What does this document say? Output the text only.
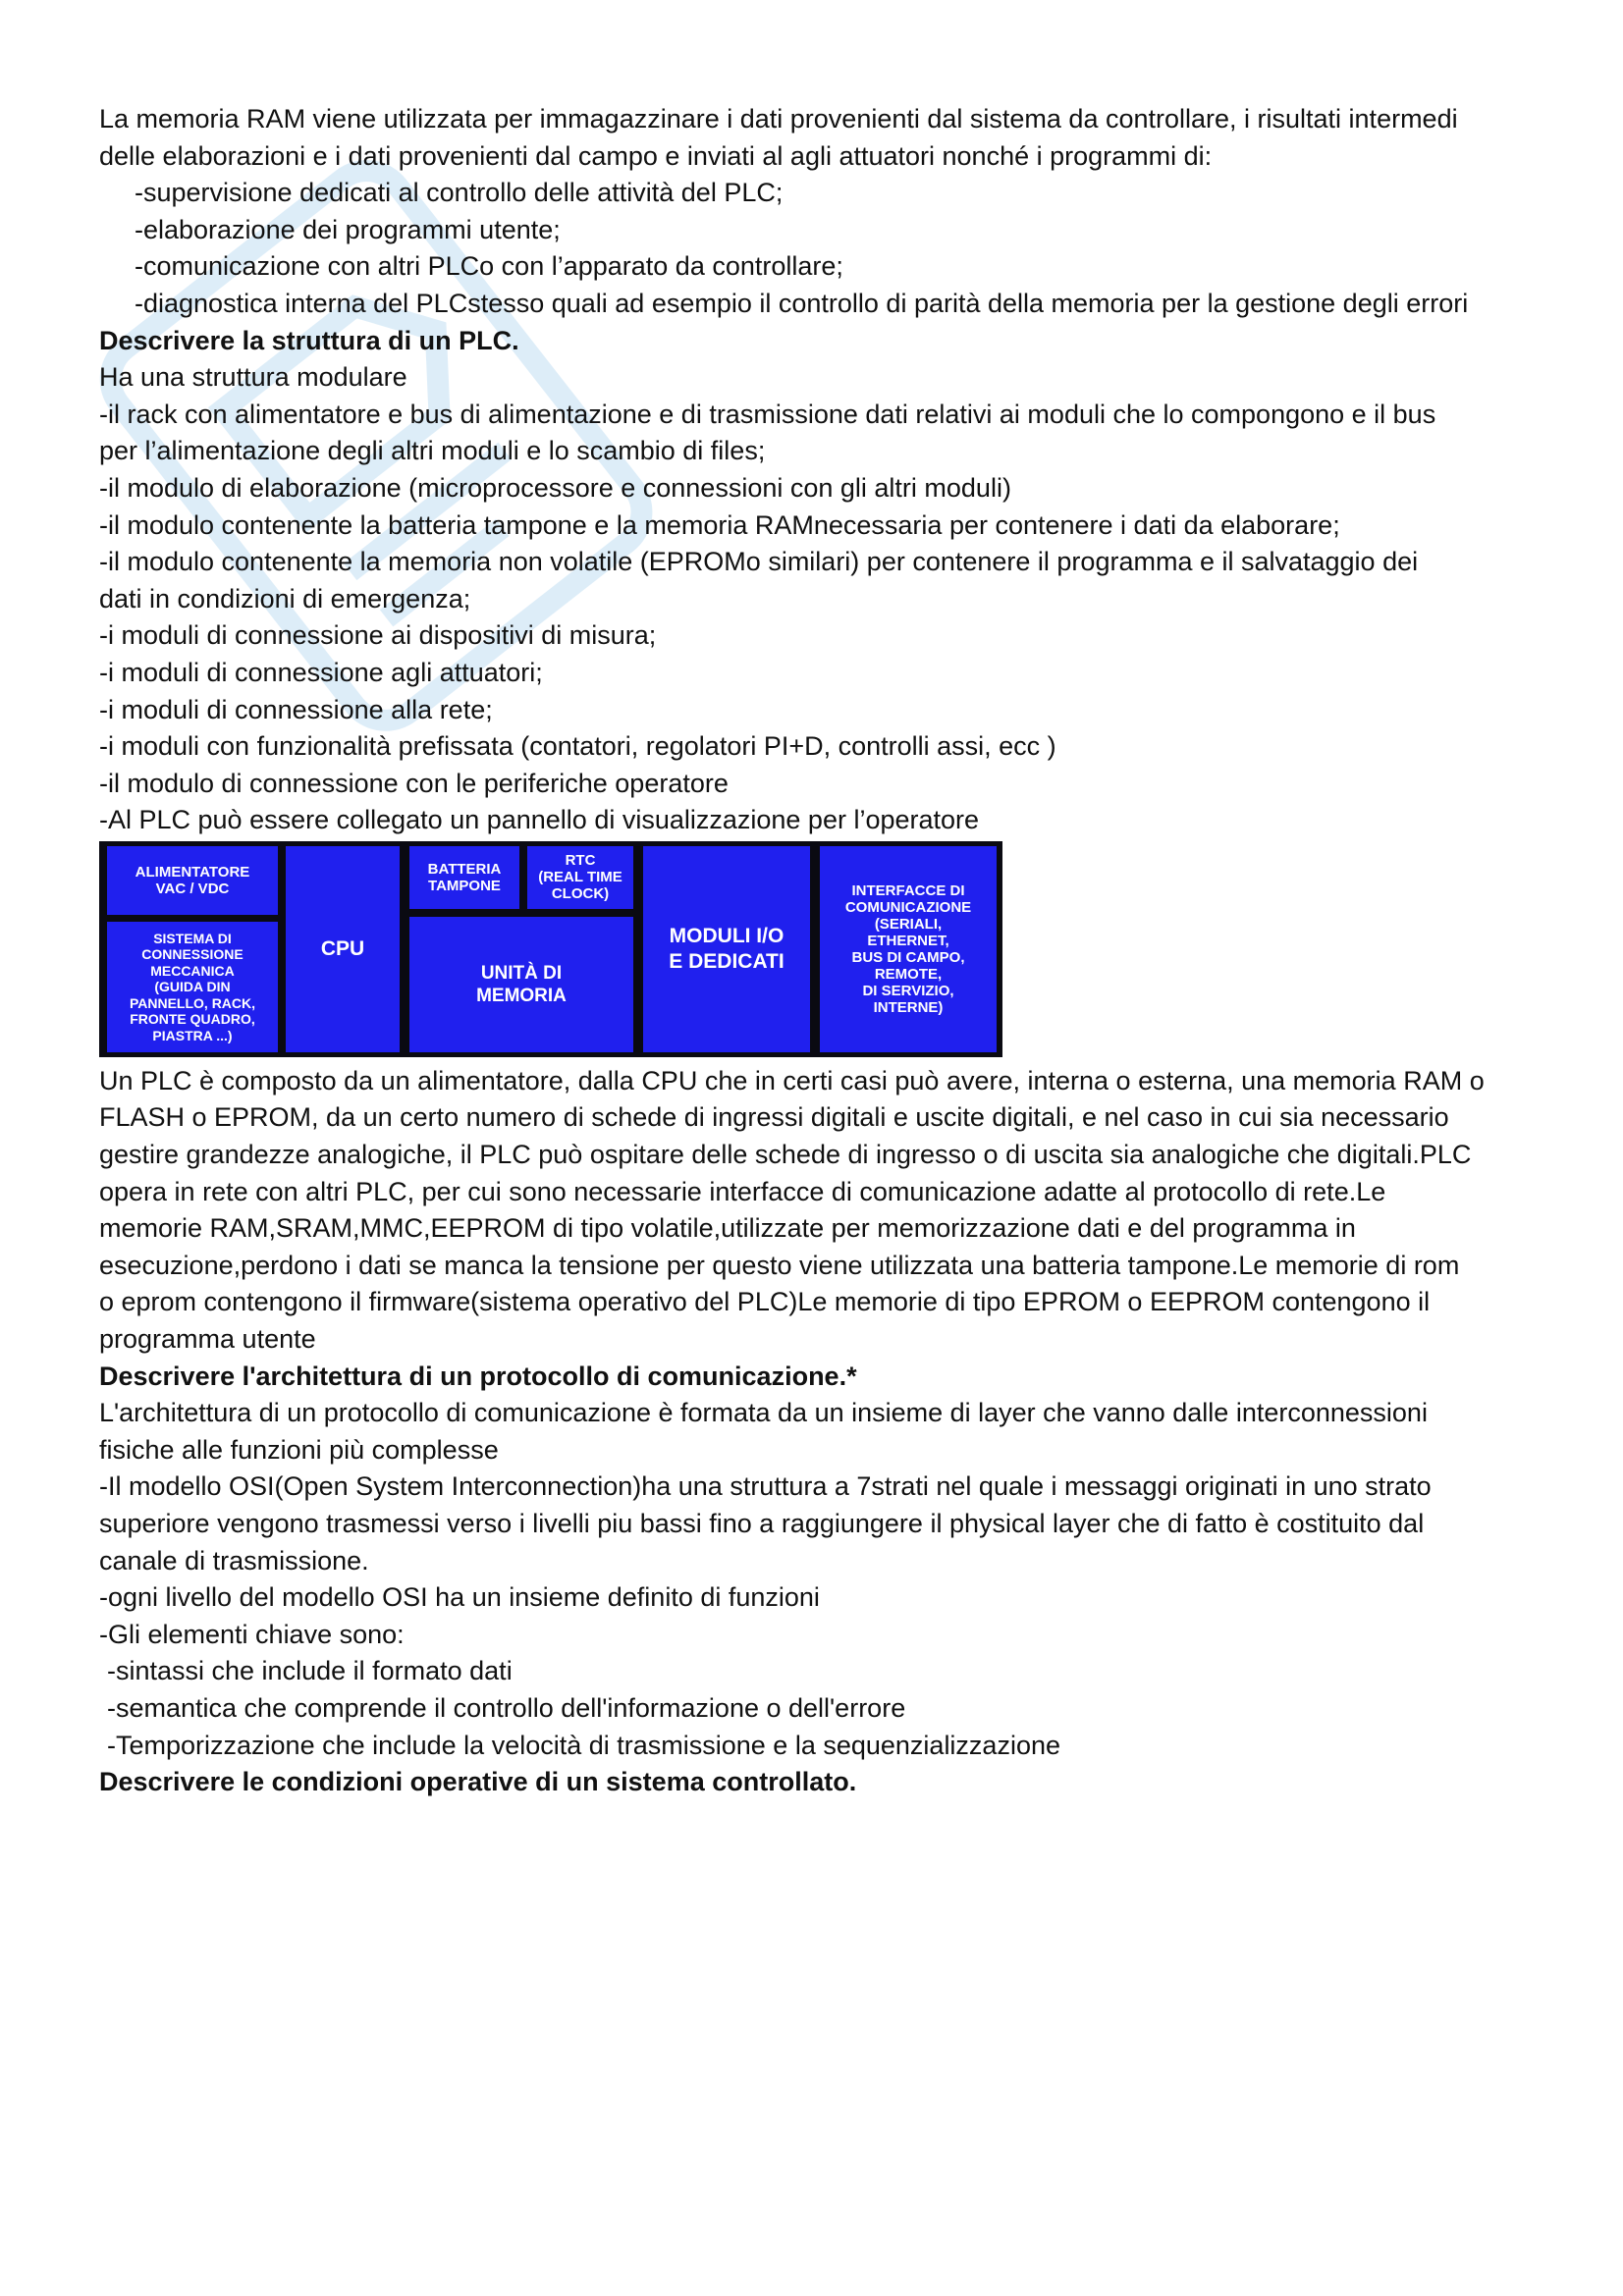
La memoria RAM viene utilizzata per immagazzinare i dati provenienti dal sistema da controllare, i risultati intermedi
delle elaborazioni e i dati provenienti dal campo e inviati al agli attuatori nonché i programmi di:
-supervisione dedicati al controllo delle attività del PLC;
-elaborazione dei programmi utente;
-comunicazione con altri PLCo con l’apparato da controllare;
-diagnostica interna del PLCstesso quali ad esempio il controllo di parità della memoria per la gestione degli errori
Descrivere la struttura di un PLC.
Ha una struttura modulare
-il rack con alimentatore e bus di alimentazione e di trasmissione dati relativi ai moduli che lo compongono e il bus
per l’alimentazione degli altri moduli e lo scambio di files;
-il modulo di elaborazione (microprocessore e connessioni con gli altri moduli)
-il modulo contenente la batteria tampone e la memoria RAMnecessaria per contenere i dati da elaborare;
-il modulo contenente la memoria non volatile (EPROMo similari) per contenere il programma e il salvataggio dei
dati in condizioni di emergenza;
-i moduli di connessione ai dispositivi di misura;
-i moduli di connessione agli attuatori;
-i moduli di connessione alla rete;
-i moduli con funzionalità prefissata (contatori, regolatori PI+D, controlli assi, ecc )
-il modulo di connessione con le periferiche operatore
-Al PLC può essere collegato un pannello di visualizzazione per l’operatore
ALIMENTATORE
VAC / VDC
SISTEMA DI
CONNESSIONE
MECCANICA
(GUIDA DIN
PANNELLO, RACK,
FRONTE QUADRO,
PIASTRA ...)
CPU
BATTERIA
TAMPONE
RTC
(REAL TIME
CLOCK)
UNITÀ DI
MEMORIA
MODULI I/O
E DEDICATI
INTERFACCE DI
COMUNICAZIONE
(SERIALI,
ETHERNET,
BUS DI CAMPO,
REMOTE,
DI SERVIZIO,
INTERNE)
Un PLC è composto da un alimentatore, dalla CPU che in certi casi può avere, interna o esterna, una memoria RAM o
FLASH o EPROM, da un certo numero di schede di ingressi digitali e uscite digitali, e nel caso in cui sia necessario
gestire grandezze analogiche, il PLC può ospitare delle schede di ingresso o di uscita sia analogiche che digitali.PLC
opera in rete con altri PLC, per cui sono necessarie interfacce di comunicazione adatte al protocollo di rete.Le
memorie RAM,SRAM,MMC,EEPROM di tipo volatile,utilizzate per memorizzazione dati e del programma in
esecuzione,perdono i dati se manca la tensione per questo viene utilizzata una batteria tampone.Le memorie di rom
o eprom contengono il firmware(sistema operativo del PLC)Le memorie di tipo EPROM o EEPROM contengono il
programma utente
Descrivere l'architettura di un protocollo di comunicazione.*
L'architettura di un protocollo di comunicazione è formata da un insieme di layer che vanno dalle interconnessioni
fisiche alle funzioni più complesse
-Il modello OSI(Open System Interconnection)ha una struttura a 7strati nel quale i messaggi originati in uno strato
superiore vengono trasmessi verso i livelli piu bassi fino a raggiungere il physical layer che di fatto è costituito dal
canale di trasmissione.
-ogni livello del modello OSI ha un insieme definito di funzioni
-Gli elementi chiave sono:
-sintassi che include il formato dati
-semantica che comprende il controllo dell'informazione o dell'errore
-Temporizzazione che include la velocità di trasmissione e la sequenzializzazione
Descrivere le condizioni operative di un sistema controllato.
